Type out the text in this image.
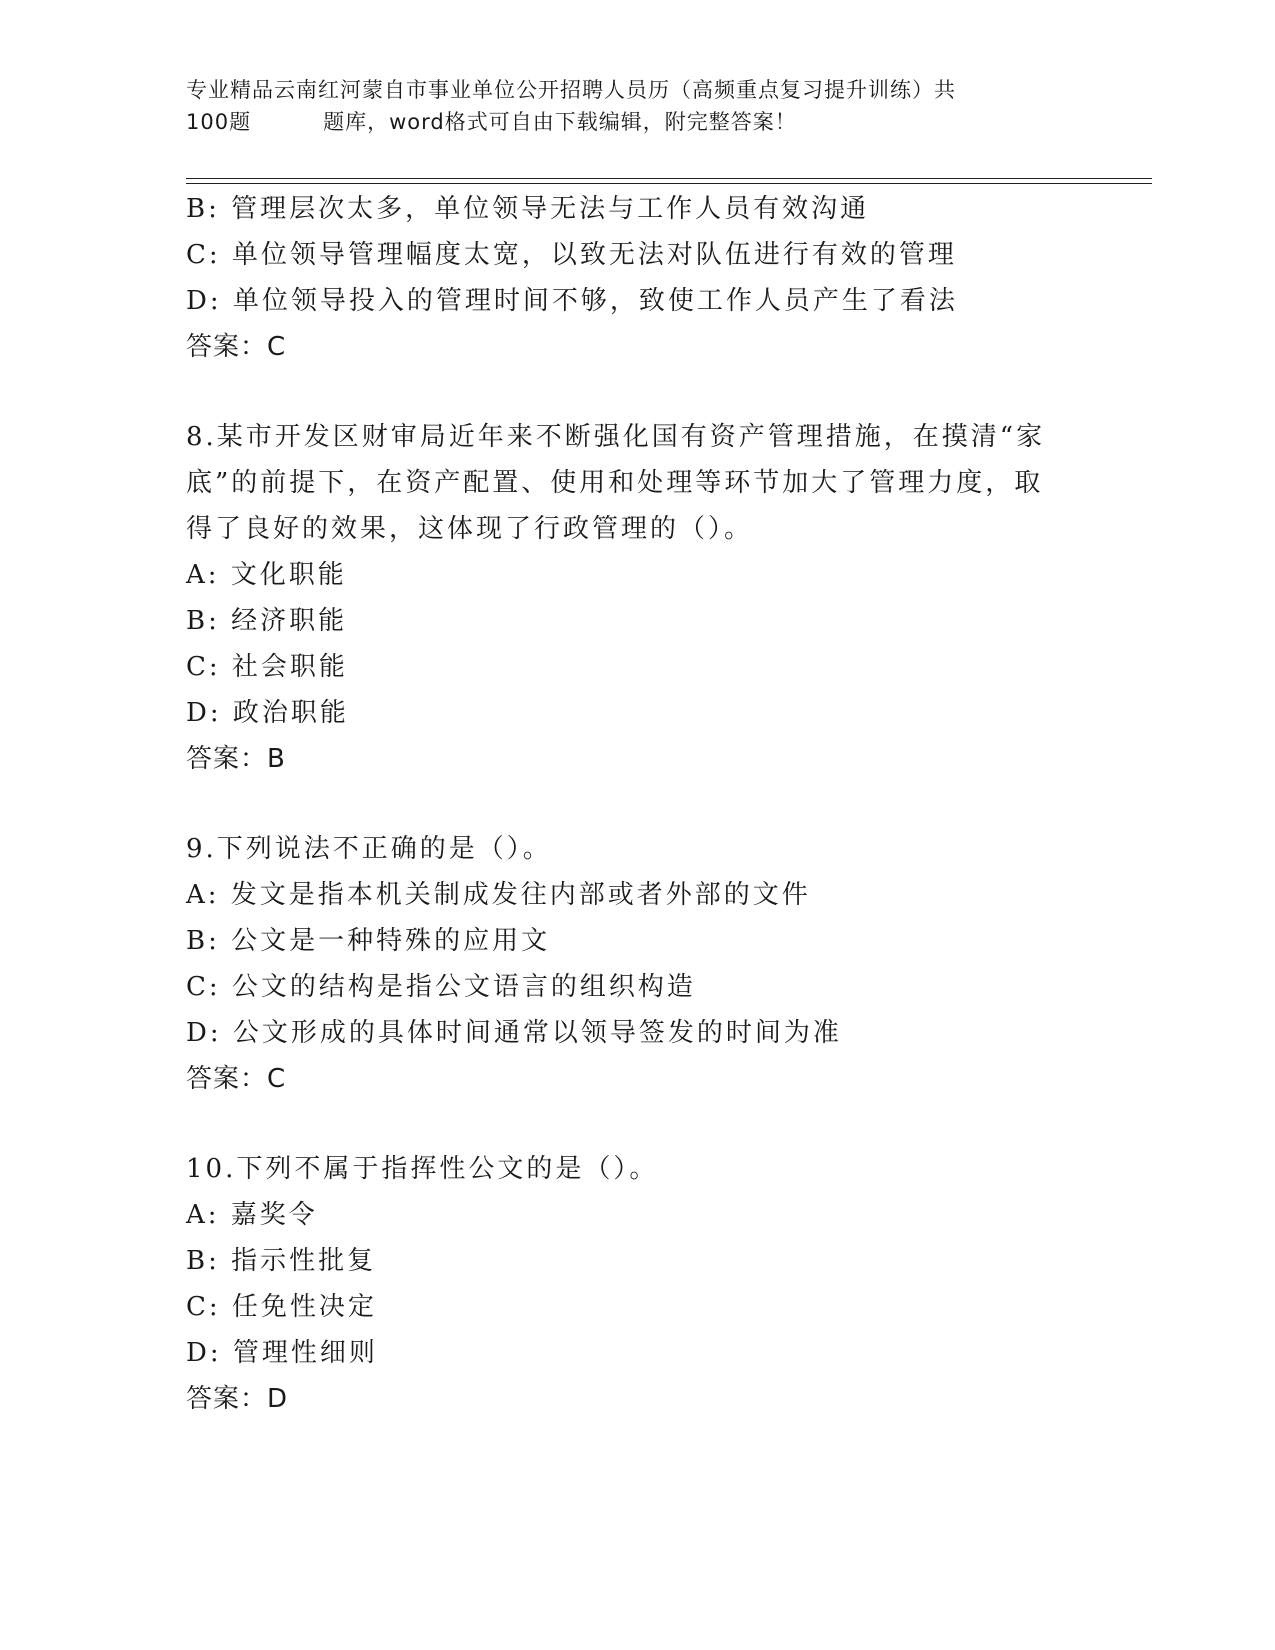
专业精品云南红河蒙自市事业单位公开招聘人员历（高频重点复习提升训练）共
100题	题库，word格式可自由下载编辑，附完整答案！
B: 管理层次太多，单位领导无法与工作人员有效沟通
C: 单位领导管理幅度太宽，以致无法对队伍进行有效的管理
D: 单位领导投入的管理时间不够，致使工作人员产生了看法
答案：C
8.某市开发区财审局近年来不断强化国有资产管理措施，在摸清“家
底”的前提下，在资产配置、使用和处理等环节加大了管理力度，取
得了良好的效果，这体现了行政管理的（）。
A: 文化职能
B: 经济职能
C: 社会职能
D: 政治职能
答案：B
9.下列说法不正确的是（）。
A: 发文是指本机关制成发往内部或者外部的文件
B: 公文是一种特殊的应用文
C: 公文的结构是指公文语言的组织构造
D: 公文形成的具体时间通常以领导签发的时间为准
答案：C
10.下列不属于指挥性公文的是（）。
A: 嘉奖令
B: 指示性批复
C: 任免性决定
D: 管理性细则
答案：D
